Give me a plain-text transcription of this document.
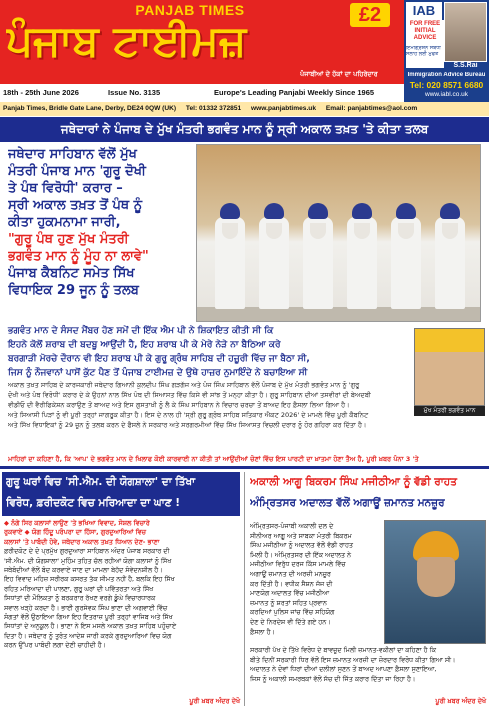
PANJAB TIMES
ਪੰਜਾਬ ਟਾਈਮਜ਼
£2
ਪੰਜਾਬੀਆਂ ਦੇ ਹੱਕਾਂ ਦਾ ਪਹਿਰੇਦਾਰ
IAB
FOR FREE INITIAL ADVICE
ਇੰਮੀਗ੍ਰੇਸ਼ਨ ਸਬੰਧੀ ਸਲਾਹ ਲਈ ਮੁਫਤ
S.S.Rai
Immigration Advice Bureau
Tel: 020 8571 6680
www.iabl.co.uk
18th - 25th June 2026	Issue No. 3135	Europe's Leading Panjabi Weekly Since 1965
Panjab Times, Bridle Gate Lane, Derby, DE24 0QW (UK) Tel: 01332 372851 www.panjabtimes.uk Email: panjabtimes@aol.com
ਜਥੇਦਾਰਾਂ ਨੇ ਪੰਜਾਬ ਦੇ ਮੁੱਖ ਮੰਤਰੀ ਭਗਵੰਤ ਮਾਨ ਨੂੰ ਸ੍ਰੀ ਅਕਾਲ ਤਖ਼ਤ 'ਤੇ ਕੀਤਾ ਤਲਬ
ਜਥੇਦਾਰ ਸਾਹਿਬਾਨ ਵੱਲੋਂ ਮੁੱਖ
ਮੰਤਰੀ ਪੰਜਾਬ ਮਾਨ 'ਗੁਰੂ ਦੋਖੀ
ਤੇ ਪੰਥ ਵਿਰੋਧੀ' ਕਰਾਰ –
ਸ੍ਰੀ ਅਕਾਲ ਤਖ਼ਤ ਤੋਂ ਪੰਥ ਨੂੰ
ਕੀਤਾ ਹੁਕਮਨਾਮਾ ਜਾਰੀ,
"ਗੁਰੂ ਪੰਥ ਹੁਣ ਮੁੱਖ ਮੰਤਰੀ
ਭਗਵੰਤ ਮਾਨ ਨੂੰ ਮੂੰਹ ਨਾ ਲਾਵੇ"
ਪੰਜਾਬ ਕੈਬਨਿਟ ਸਮੇਤ ਸਿੱਖ
ਵਿਧਾਇਕ 29 ਜੂਨ ਨੂੰ ਤਲਬ
ਭਗਵੰਤ ਮਾਨ ਦੇ ਸੰਸਦ ਮੈਂਬਰ ਹੋਣ ਸਮੇਂ ਦੀ ਇੱਕ ਐਮ ਪੀ ਨੇ ਸ਼ਿਕਾਇਤ ਕੀਤੀ ਸੀ ਕਿ
ਇਹਨੇ ਕੋਲੋਂ ਸ਼ਰਾਬ ਦੀ ਬਦਬੂ ਆਉਂਦੀ ਹੈ, ਇਹ ਸ਼ਰਾਬ ਪੀ ਕੇ ਮੇਰੇ ਨੇੜੇ ਨਾ ਬੈਠਿਆ ਕਰੇ
ਬਰਗਾੜੀ ਮੋਰਚੇ ਦੌਰਾਨ ਵੀ ਇਹ ਸ਼ਰਾਬ ਪੀ ਕੇ ਗੁਰੂ ਗ੍ਰੰਥ ਸਾਹਿਬ ਦੀ ਹਜ਼ੂਰੀ ਵਿੱਚ ਜਾ ਬੈਠਾ ਸੀ,
ਜਿਸ ਨੂੰ ਨੌਜਵਾਨਾਂ ਪਾਸੋਂ ਕੁੱਟ ਪੈਣ ਤੋਂ ਪੰਜਾਬ ਟਾਈਮਜ਼ ਦੇ ਉਥੇ ਹਾਜ਼ਰ ਨੁਮਾਇੰਦੇ ਨੇ ਬਚਾਇਆ ਸੀ
ਮੁੱਖ ਮੰਤਰੀ ਭਗਵੰਤ ਮਾਨ
ਅਕਾਲ ਤਖ਼ਤ ਸਾਹਿਬ ਦੇ ਕਾਰਜਕਾਰੀ ਜਥੇਦਾਰ ਗਿਆਨੀ ਕੁਲਦੀਪ ਸਿੰਘ ਗੜਗੱਜ ਅਤੇ ਪੰਜ ਸਿੰਘ ਸਾਹਿਬਾਨ ਵੱਲੋਂ ਪੰਜਾਬ ਦੇ ਮੁੱਖ ਮੰਤਰੀ ਭਗਵੰਤ ਮਾਨ ਨੂੰ 'ਗੁਰੂ
ਦੋਖੀ ਅਤੇ ਪੰਥ ਵਿਰੋਧੀ' ਕਰਾਰ ਦੇ ਕੇ ਉਹਨਾਂ ਨਾਲ ਸਿੱਖ ਪੰਥ ਦੀ ਸਿਆਸਤ ਵਿੱਚ ਕਿਸੇ ਵੀ ਸਾਂਝ ਤੋਂ ਮਨ੍ਹਾ ਕੀਤਾ ਹੈ। ਗੁਰੂ ਸਾਹਿਬਾਨ ਦੀਆਂ ਤਸਵੀਰਾਂ ਦੀ ਬੇਅਦਬੀ
ਵੀਡੀਓ ਦੀ ਵੈਰੀਫਿਕੇਸ਼ਨ ਕਰਾਉਣ ਤੋਂ ਬਾਅਦ ਅਤੇ ਇਸ ਗੁਸਤਾਖ਼ੀ ਨੂੰ ਲੈ ਕੇ ਸਿੰਘ ਸਾਹਿਬਾਨ ਨੇ ਵਿਚਾਰ ਚਰਚਾ ਤੋਂ ਬਾਅਦ ਇਹ ਫ਼ੈਸਲਾ ਲਿਆ ਗਿਆ ਹੈ।
ਅਤੇ ਸਿਆਸੀ ਪਿੜਾਂ ਨੂੰ ਵੀ ਪੂਰੀ ਤਰ੍ਹਾਂ ਜਾਗਰੂਕ ਕੀਤਾ ਹੈ। ਇਸ ਦੇ ਨਾਲ ਹੀ 'ਸ੍ਰੀ ਗੁਰੂ ਗ੍ਰੰਥ ਸਾਹਿਬ ਸਤਿਕਾਰ ਐਕਟ 2026' ਦੇ ਮਾਮਲੇ ਵਿੱਚ ਪੂਰੀ ਕੈਬਨਿਟ
ਅਤੇ ਸਿੱਖ ਵਿਧਾਇਕਾਂ ਨੂੰ 29 ਜੂਨ ਨੂੰ ਤਲਬ ਕਰਨ ਦੇ ਫੈਸਲੇ ਨੇ ਸਰਕਾਰ ਅਤੇ ਸਰਗਰਮੀਆਂ ਵਿੱਚ ਸਿੱਖ ਸਿਆਸਤ ਵਿਚਲੀ ਦਰਾਰ ਨੂੰ ਹੋਰ ਗਹਿਰਾ ਕਰ ਦਿੱਤਾ ਹੈ।
ਮਾਹਿਰਾਂ ਦਾ ਕਹਿਣਾ ਹੈ, ਕਿ 'ਆਪ' ਦੇ ਭਗਵੰਤ ਮਾਨ ਦੇ ਖਿਲਾਫ ਕੋਈ ਕਾਰਵਾਈ ਨਾ ਕੀਤੀ ਤਾਂ ਆਉਂਦੀਆਂ ਚੋਣਾਂ ਵਿੱਚ ਇਸ ਪਾਰਟੀ ਦਾ ਖ਼ਾਤਮਾ ਹੋਣਾ ਤੈਅ ਹੈ, ਪੂਰੀ ਖ਼ਬਰ ਪੰਨਾ 3 'ਤੇ
ਗੁਰੂ ਘਰਾਂ ਵਿਚ 'ਸੀ.ਐਮ. ਦੀ ਯੋਗਸ਼ਾਲਾ' ਦਾ ਤਿੱਖਾ
ਵਿਰੋਧ, ਫ਼ਰੀਦਕੋਟ ਵਿਚ ਮਰਿਆਦਾ ਦਾ ਘਾਣ !
◆ ਨੰਗੇ ਸਿਰ ਕਲਾਸਾਂ ਲਾਉਣ 'ਤੇ ਭਖਿਆ ਵਿਵਾਦ, ਸੋਸ਼ਲ ਵਿਚਾਰੇ
ਰੁਕਵਾਏ ◆ ਯੋਗ ਹਿੰਦੂ ਪਰੰਪਰਾ ਦਾ ਹਿੱਸਾ, ਗੁਰਦੁਆਰਿਆਂ ਵਿਚ
ਕਲਾਸਾਂ 'ਤੇ ਪਾਬੰਦੀ ਹੋਵੇ, ਜਥੇਦਾਰ ਅਕਾਲ ਤਖ਼ਤ ਧਿਆਨ ਦੇਣ- ਭਾਣਾ
ਫ਼ਰੀਦਕੋਟ ਦੇ ਦੋ ਪ੍ਰਮੁੱਖ ਗੁਰਦੁਆਰਾ ਸਾਹਿਬਾਨ ਅੰਦਰ ਪੰਜਾਬ ਸਰਕਾਰ ਦੀ
'ਸੀ.ਐਮ. ਦੀ ਯੋਗਸ਼ਾਲਾ' ਮੁਹਿੰਮ ਤਹਿਤ ਚੱਲ ਰਹੀਆਂ ਯੋਗਾ ਕਲਾਸਾਂ ਨੂੰ ਸਿੱਖ
ਜਥੇਬੰਦੀਆਂ ਵੱਲੋਂ ਬੰਦ ਕਰਵਾਏ ਜਾਣ ਦਾ ਮਾਮਲਾ ਬੇਹੱਦ ਸੰਵੇਦਨਸ਼ੀਲ ਹੈ।
ਇਹ ਵਿਵਾਦ ਮਹਿਜ਼ ਸਰੀਰਕ ਕਸਰਤ ਤੱਕ ਸੀਮਤ ਨਹੀਂ ਹੈ, ਬਲਕਿ ਇਹ ਸਿੱਖ
ਰਹਿਤ ਮਰਿਆਦਾ ਦੀ ਪਾਲਣਾ, ਗੁਰੂ ਘਰਾਂ ਦੀ ਪਵਿੱਤਰਤਾ ਅਤੇ ਸਿੱਖ
ਸਿਧਾਂਤਾਂ ਦੀ ਮੌਲਿਕਤਾ ਨੂੰ ਬਰਕਰਾਰ ਰੱਖਣ ਵਰਗੇ ਡੂੰਘੇ ਵਿਚਾਰਧਾਰਕ
ਸਵਾਲ ਖੜ੍ਹੇ ਕਰਦਾ ਹੈ। ਭਾਈ ਗੁਰਸੇਵਕ ਸਿੰਘ ਭਾਣਾ ਦੀ ਅਗਵਾਈ ਵਿੱਚ
ਸੰਗਤਾਂ ਵੱਲੋਂ ਉਠਾਇਆ ਗਿਆ ਇਹ ਇਤਰਾਜ਼ ਪੂਰੀ ਤਰ੍ਹਾਂ ਵਾਜਿਬ ਅਤੇ ਸਿੱਖ
ਸਿਧਾਂਤਾਂ ਦੇ ਅਨੁਕੂਲ ਹੈ। ਭਾਣਾ ਨੇ ਇਸ ਮਸਲੇ ਅਕਾਲ ਤਖ਼ਤ ਸਾਹਿਬ ਪਹੁੰਚਾਏ
ਦਿਤਾ ਹੈ। ਜਥੇਦਾਰ ਨੂੰ ਤੁਰੰਤ ਆਦੇਸ਼ ਜਾਰੀ ਕਰਕੇ ਗੁਰਦੁਆਰਿਆਂ ਵਿਚ ਯੋਗ
ਕਰਨ ਉੱਪਰ ਪਾਬੰਦੀ ਲਗਾ ਦੇਣੀ ਚਾਹੀਦੀ ਹੈ।
ਪੂਰੀ ਖ਼ਬਰ ਅੰਦਰ ਦੇਖੋ
ਅਕਾਲੀ ਆਗੂ ਬਿਕਰਮ ਸਿੰਘ ਮਜੀਠੀਆ ਨੂੰ ਵੱਡੀ ਰਾਹਤ
ਅੰਮ੍ਰਿਤਸਰ ਅਦਾਲਤ ਵੱਲੋਂ ਅਗਾਊਂ ਜ਼ਮਾਨਤ ਮਨਜ਼ੂਰ
ਅੰਮ੍ਰਿਤਸਰ-ਪੰਜਾਬੀ ਅਕਾਲੀ ਦਲ ਦੇ
ਸੀਨੀਅਰ ਆਗੂ ਅਤੇ ਸਾਬਕਾ ਮੰਤਰੀ ਬਿਕਰਮ
ਸਿੰਘ ਮਜੀਠੀਆ ਨੂੰ ਅਦਾਲਤ ਵੱਲੋਂ ਵੱਡੀ ਰਾਹਤ
ਮਿਲੀ ਹੈ। ਅੰਮ੍ਰਿਤਸਰ ਦੀ ਇੱਕ ਅਦਾਲਤ ਨੇ
ਮਜੀਠੀਆ ਵਿਰੁੱਧ ਦਰਜ ਕਿੱਸ ਮਾਮਲੇ ਵਿੱਚ
ਅਗਾਊਂ ਜ਼ਮਾਨਤ ਦੀ ਅਰਜ਼ੀ ਮਨਜ਼ੂਰ
ਕਰ ਦਿੱਤੀ ਹੈ। ਵਧੀਕ ਸੈਸ਼ਨ ਜੱਜ ਦੀ
ਮਾਣਯੋਗ ਅਦਾਲਤ ਵਿੱਚ ਮਜੀਠੀਆ
ਜ਼ਮਾਨਤ ਨੂੰ ਸ਼ਰਤਾਂ ਸਹਿਤ ਪ੍ਰਵਾਨ
ਕਰਦਿਆਂ ਪੁਲਿਸ ਜਾਂਚ ਵਿੱਚ ਸਹਿਯੋਗ
ਦੇਣ ਦੇ ਨਿਰਦੇਸ਼ ਵੀ ਦਿੱਤੇ ਗਏ ਹਨ।
ਫ਼ੈਸਲਾ ਹੈ।
ਸਰਕਾਰੀ ਪੱਖ ਦੇ ਤਿੱਖੇ ਵਿਰੋਧ ਦੇ ਬਾਵਜੂਦ ਮਿਲੀ ਜ਼ਮਾਨਤ-ਵਕੀਲਾਂ ਦਾ ਕਹਿਣਾ ਹੈ ਕਿ
ਬੀਤੇ ਦਿਨੀਂ ਸਰਕਾਰੀ ਧਿਰ ਵੱਲੋਂ ਇਸ ਜ਼ਮਾਨਤ ਅਰਜ਼ੀ ਦਾ ਜ਼ੋਰਦਾਰ ਵਿਰੋਧ ਕੀਤਾ ਗਿਆ ਸੀ।
ਅਦਾਲਤ ਨੇ ਦੋਵਾਂ ਧਿਰਾਂ ਦੀਆਂ ਦਲੀਲਾਂ ਸੁਣਨ ਤੋਂ ਬਾਅਦ ਆਪਣਾ ਫ਼ੈਸਲਾ ਸੁਣਾਇਆ,
ਜਿਸ ਨੂੰ ਅਕਾਲੀ ਸਮਰਥਕਾਂ ਵੱਲੋਂ ਸੱਚ ਦੀ ਜਿੱਤ ਕਰਾਰ ਦਿੱਤਾ ਜਾ ਰਿਹਾ ਹੈ।
ਪੂਰੀ ਖ਼ਬਰ ਅੰਦਰ ਦੇਖੋ
